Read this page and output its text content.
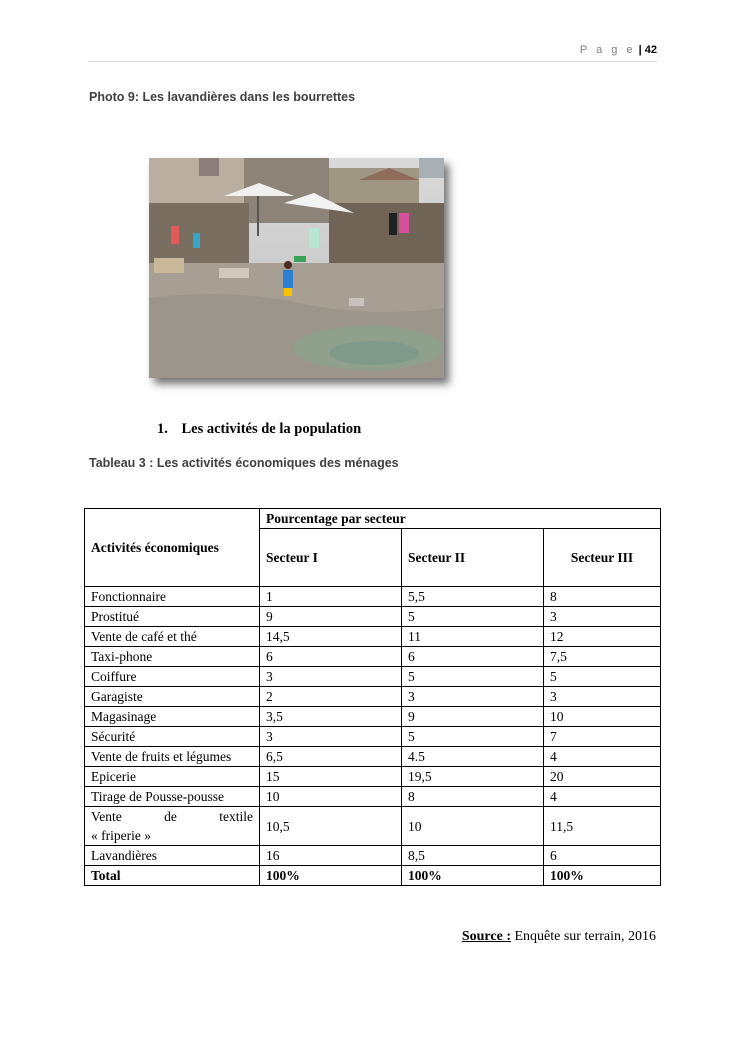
P a g e | 42
Photo 9: Les lavandières dans les bourrettes
1. Les activités de la population
Tableau 3 : Les activités économiques des ménages
Activités économiques	Pourcentage par secteur		
	Secteur I	Secteur II	Secteur III
Fonctionnaire	1	5,5	8
Prostitué	9	5	3
Vente de café et thé	14,5	11	12
Taxi-phone	6	6	7,5
Coiffure	3	5	5
Garagiste	2	3	3
Magasinage	3,5	9	10
Sécurité	3	5	7
Vente de fruits et légumes	6,5	4.5	4
Epicerie	15	19,5	20
Tirage de Pousse-pousse	10	8	4

Vente de textile
« friperie »	10,5	10	11,5
Lavandières	16	8,5	6
Total	100%	100%	100%
Source : Enquête sur terrain, 2016
